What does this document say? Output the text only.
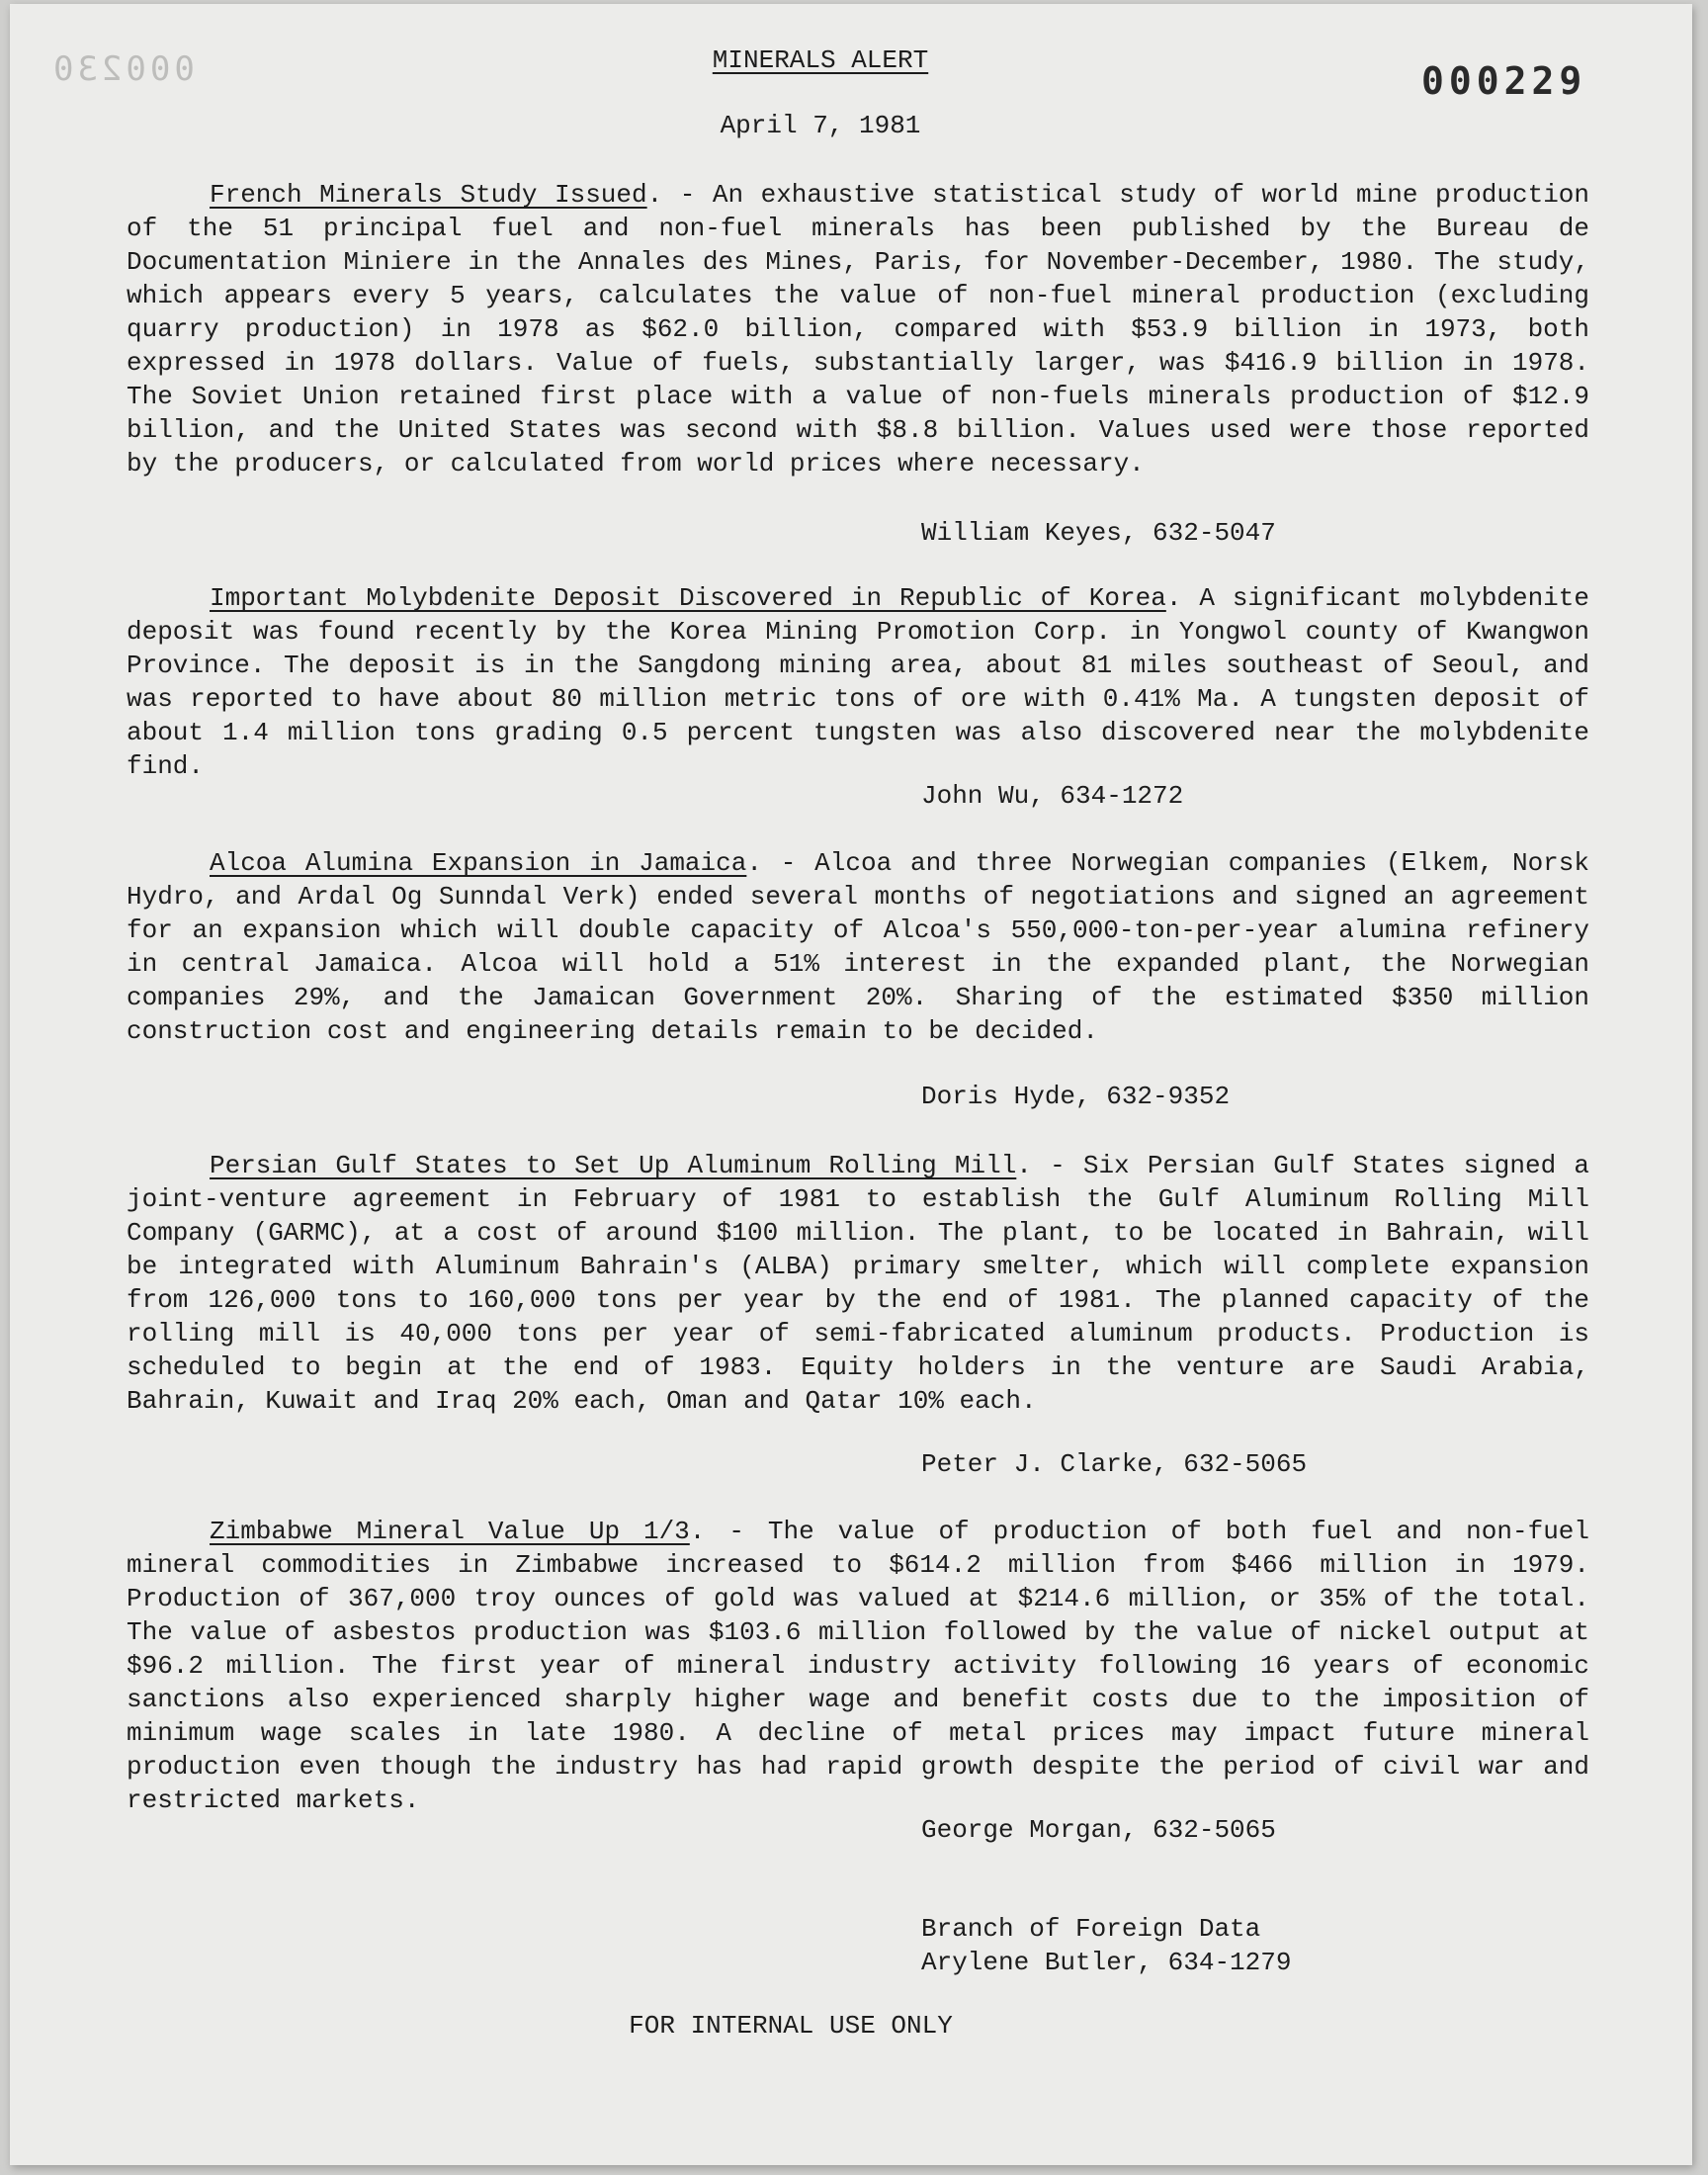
000230	000229
MINERALS ALERT
April 7, 1981
French Minerals Study Issued. - An exhaustive statistical study of world mine production of the 51 principal fuel and non-fuel minerals has been published by the Bureau de Documentation Miniere in the Annales des Mines, Paris, for November-December, 1980. The study, which appears every 5 years, calculates the value of non-fuel mineral production (excluding quarry production) in 1978 as $62.0 billion, compared with $53.9 billion in 1973, both expressed in 1978 dollars. Value of fuels, substantially larger, was $416.9 billion in 1978. The Soviet Union retained first place with a value of non-fuels minerals production of $12.9 billion, and the United States was second with $8.8 billion. Values used were those reported by the producers, or calculated from world prices where necessary.
William Keyes, 632-5047
Important Molybdenite Deposit Discovered in Republic of Korea. A significant molybdenite deposit was found recently by the Korea Mining Promotion Corp. in Yongwol county of Kwangwon Province. The deposit is in the Sangdong mining area, about 81 miles southeast of Seoul, and was reported to have about 80 million metric tons of ore with 0.41% Ma. A tungsten deposit of about 1.4 million tons grading 0.5 percent tungsten was also discovered near the molybdenite find.
John Wu, 634-1272
Alcoa Alumina Expansion in Jamaica. - Alcoa and three Norwegian companies (Elkem, Norsk Hydro, and Ardal Og Sunndal Verk) ended several months of negotiations and signed an agreement for an expansion which will double capacity of Alcoa's 550,000-ton-per-year alumina refinery in central Jamaica. Alcoa will hold a 51% interest in the expanded plant, the Norwegian companies 29%, and the Jamaican Government 20%. Sharing of the estimated $350 million construction cost and engineering details remain to be decided.
Doris Hyde, 632-9352
Persian Gulf States to Set Up Aluminum Rolling Mill. - Six Persian Gulf States signed a joint-venture agreement in February of 1981 to establish the Gulf Aluminum Rolling Mill Company (GARMC), at a cost of around $100 million. The plant, to be located in Bahrain, will be integrated with Aluminum Bahrain's (ALBA) primary smelter, which will complete expansion from 126,000 tons to 160,000 tons per year by the end of 1981. The planned capacity of the rolling mill is 40,000 tons per year of semi-fabricated aluminum products. Production is scheduled to begin at the end of 1983. Equity holders in the venture are Saudi Arabia, Bahrain, Kuwait and Iraq 20% each, Oman and Qatar 10% each.
Peter J. Clarke, 632-5065
Zimbabwe Mineral Value Up 1/3. - The value of production of both fuel and non-fuel mineral commodities in Zimbabwe increased to $614.2 million from $466 million in 1979. Production of 367,000 troy ounces of gold was valued at $214.6 million, or 35% of the total. The value of asbestos production was $103.6 million followed by the value of nickel output at $96.2 million. The first year of mineral industry activity following 16 years of economic sanctions also experienced sharply higher wage and benefit costs due to the imposition of minimum wage scales in late 1980. A decline of metal prices may impact future mineral production even though the industry has had rapid growth despite the period of civil war and restricted markets.
George Morgan, 632-5065
Branch of Foreign Data
Arylene Butler, 634-1279
FOR INTERNAL USE ONLY
